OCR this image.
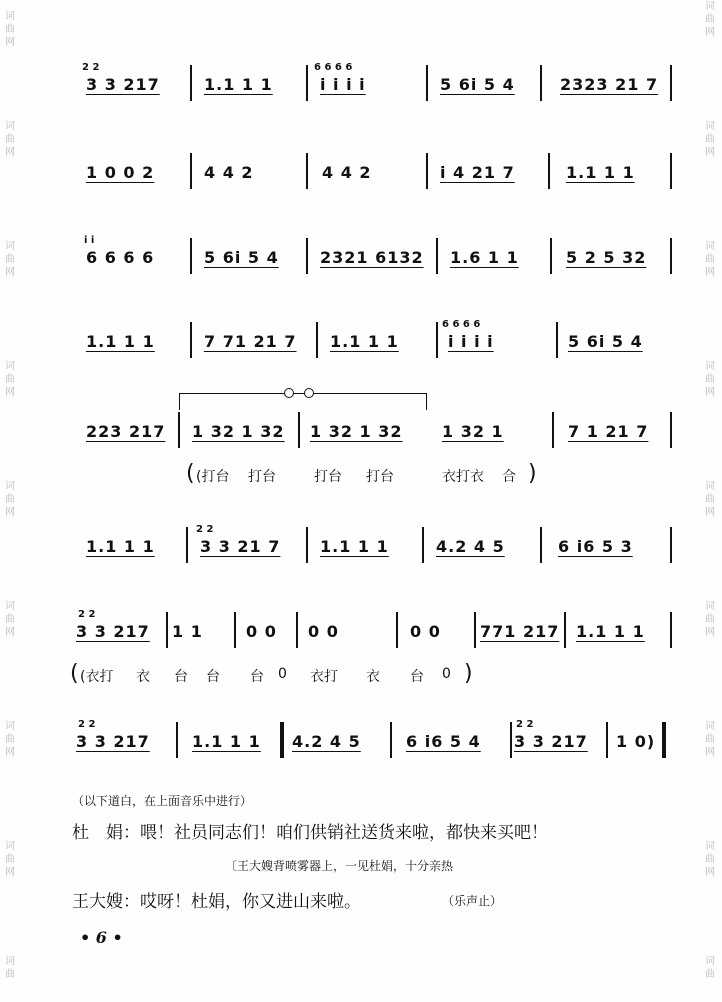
词
曲
网
词
曲
网
词
曲
网
词
曲
网
词
曲
网
词
曲
网
词
曲
网
词
曲
网
词
曲
词
曲
网
词
曲
网
词
曲
网
词
曲
网
词
曲
网
词
曲
网
词
曲
网
词
曲
网
词
曲
2 2
3 3 217	1.1 1 1
6 6 6 6
i i i i	5 6i 5 4	2323 21 7
1 0 0 2	4 4 2	4 4 2	i 4 21 7	1.1 1 1
i i
6 6 6 6	5 6i 5 4	2321 6132 1.6 1 1	5 2 5 32
1.1 1 1	7 71 21 7 1.1 1 1
6 6 6 6
i i i i	5 6i 5 4
223 217 1 32 1 32 1 32 1 32 1 32 1	7 1 21 7
( (打台 打台	打台 打台	衣打衣 合 )
1.1 1 1
2 2
3 3 21 7 1.1 1 1	4.2 4 5	6 i6 5 3
2 2
3 3 217 1 1	0 0 0 0	0 0 771 217 1.1 1 1
( (衣打 衣 台 台 台 0 衣打 衣 台 0 )
2 2
3 3 217	1.1 1 1 4.2 4 5	6 i6 5 4
2 2
3 3 217 1 0)
（以下道白，在上面音乐中进行）
杜　娟：喂！社员同志们！咱们供销社送货来啦，都快来买吧！
〔王大嫂背喷雾器上，一见杜娟，十分亲热
王大嫂：哎呀！杜娟，你又进山来啦。	（乐声止）
• 6 •
